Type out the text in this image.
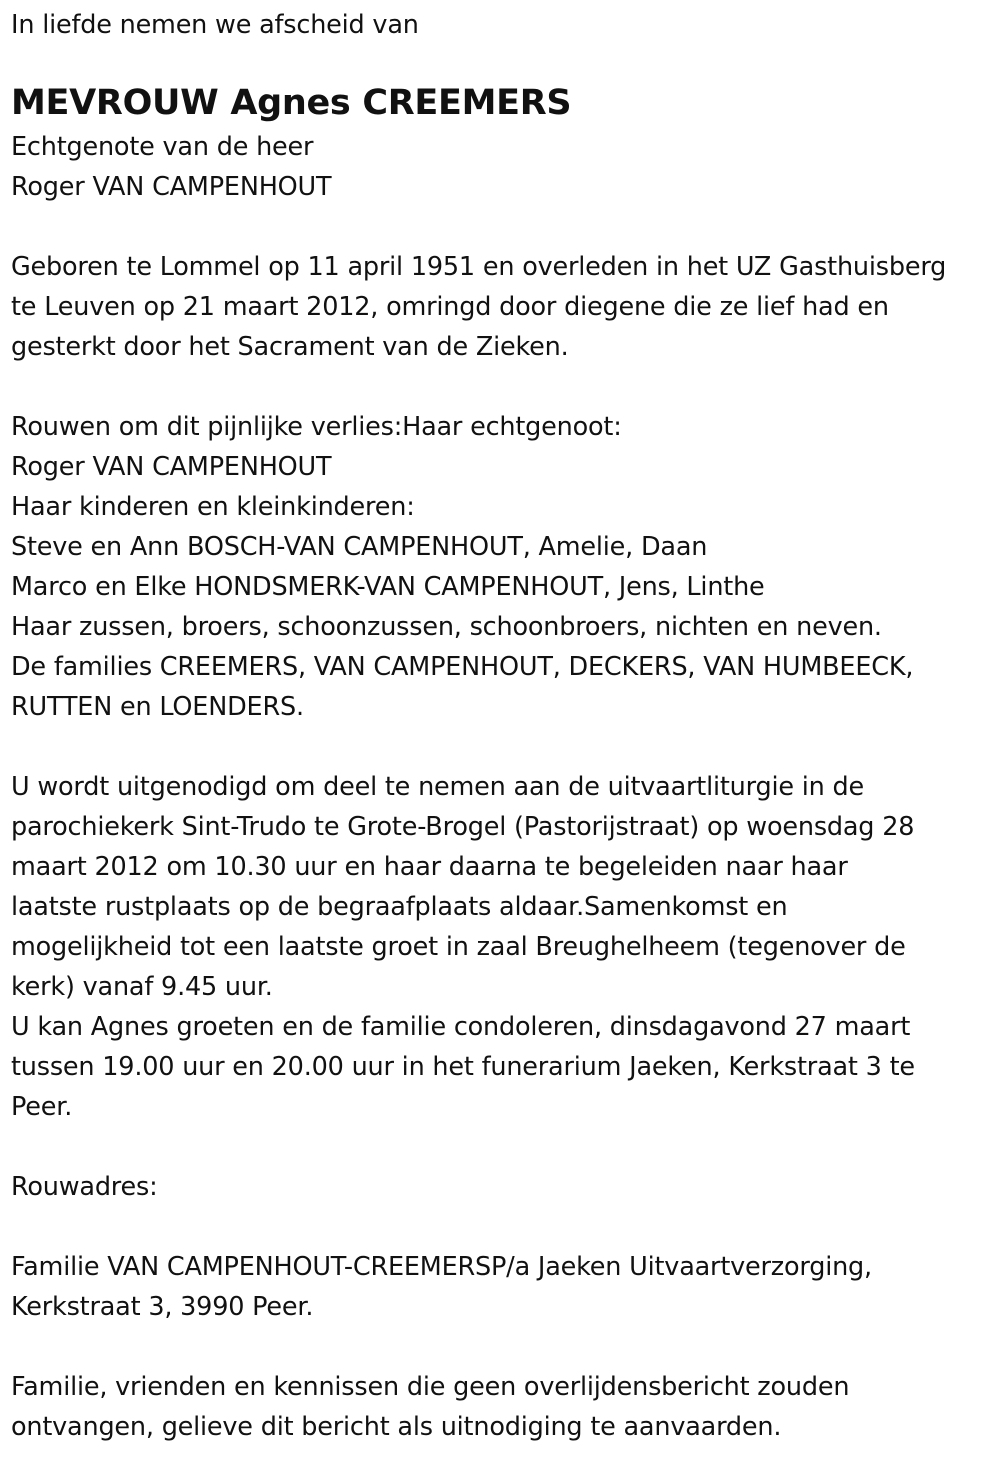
In liefde nemen we afscheid van
MEVROUW Agnes CREEMERS
Echtgenote van de heer
Roger VAN CAMPENHOUT
Geboren te Lommel op 11 april 1951 en overleden in het UZ Gasthuisberg
te Leuven op 21 maart 2012, omringd door diegene die ze lief had en
gesterkt door het Sacrament van de Zieken.
Rouwen om dit pijnlijke verlies:Haar echtgenoot:
Roger VAN CAMPENHOUT
Haar kinderen en kleinkinderen:
Steve en Ann BOSCH-VAN CAMPENHOUT, Amelie, Daan
Marco en Elke HONDSMERK-VAN CAMPENHOUT, Jens, Linthe
Haar zussen, broers, schoonzussen, schoonbroers, nichten en neven.
De families CREEMERS, VAN CAMPENHOUT, DECKERS, VAN HUMBEECK,
RUTTEN en LOENDERS.
U wordt uitgenodigd om deel te nemen aan de uitvaartliturgie in de
parochiekerk Sint-Trudo te Grote-Brogel (Pastorijstraat) op woensdag 28
maart 2012 om 10.30 uur en haar daarna te begeleiden naar haar
laatste rustplaats op de begraafplaats aldaar.Samenkomst en
mogelijkheid tot een laatste groet in zaal Breughelheem (tegenover de
kerk) vanaf 9.45 uur.
U kan Agnes groeten en de familie condoleren, dinsdagavond 27 maart
tussen 19.00 uur en 20.00 uur in het funerarium Jaeken, Kerkstraat 3 te
Peer.
Rouwadres:
Familie VAN CAMPENHOUT-CREEMERSP/a Jaeken Uitvaartverzorging,
Kerkstraat 3, 3990 Peer.
Familie, vrienden en kennissen die geen overlijdensbericht zouden
ontvangen, gelieve dit bericht als uitnodiging te aanvaarden.
